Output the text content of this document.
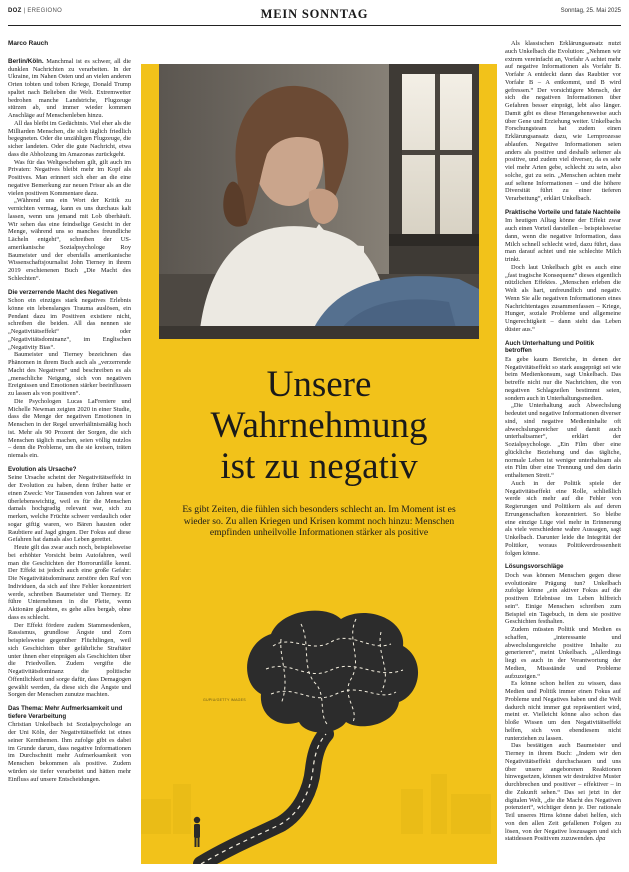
DOZ | EREGIONO	MEIN SONNTAG	Sonntag, 25. Mai 2025
Marco Rauch

Berlin/Köln. Manchmal ist es schwer, all die dunklen Nachrichten zu verarbeiten. In der Ukraine, im Nahen Osten und an vielen anderen Orten tobten und toben Kriege, Donald Trump spaltet nach Belieben die Welt. Extremwetter bedrohen manche Landstriche, Flugzeuge stürzen ab, und immer wieder kommen Anschläge auf Menschenleben hinzu.

All das bleibt im Gedächtnis. Viel eher als die Milliarden Menschen, die sich täglich friedlich begegneten. Oder die unzähligen Flugzeuge, die sicher landeten. Oder die gute Nachricht, etwa dass die Abholzung im Amazonas zurückgeht.

Was für das Weltgeschehen gilt, gilt auch im Privaten: Negatives bleibt mehr im Kopf als Positives. Man erinnert sich eher an die eine negative Bemerkung zur neuen Frisur als an die vielen positiven Kommentare dazu.

„Während uns ein Wort der Kritik zu vernichten vermag, kann es uns durchaus kalt lassen, wenn uns jemand mit Lob überhäuft. Wir sehen das eine feindselige Gesicht in der Menge, während uns so manches freundliche Lächeln entgeht“, schreiben der US-amerikanische Sozialpsychologe Roy Baumeister und der ebenfalls amerikanische Wissenschaftsjournalist John Tierney in ihrem 2019 erschienenen Buch „Die Macht des Schlechten“.

Die verzerrende Macht des Negativen

Schon ein einziges stark negatives Erlebnis könne ein lebenslanges Trauma auslösen, ein Pendant dazu im Positiven existiere nicht, schreiben die beiden. All das nennen sie „Negativitätseffekt“ oder „Negativitätsdominanz“, im Englischen „Negativity Bias“.

Baumeister und Tierney bezeichnen das Phänomen in ihrem Buch auch als „verzerrende Macht des Negativen“ und beschreiben es als „menschliche Neigung, sich von negativen Ereignissen und Emotionen stärker beeinflussen zu lassen als von positiven“.

Die Psychologen Lucas LaFreniere und Michelle Newman zeigten 2020 in einer Studie, dass die Menge der negativen Emotionen in Menschen in der Regel unverhältnismäßig hoch ist. Mehr als 90 Prozent der Sorgen, die sich Menschen täglich machen, seien völlig nutzlos – denn die Probleme, um die sie kreisen, träten niemals ein.

Evolution als Ursache?

Seine Ursache scheint der Negativitätseffekt in der Evolution zu haben, denn früher hatte er einen Zweck: Vor Tausenden von Jahren war er überlebenswichtig, weil es für die Menschen damals hochgradig relevant war, sich zu merken, welche Früchte schwer verdaulich oder sogar giftig waren, wo Bären hausten oder Raubtiere auf Jagd gingen. Der Fokus auf diese Gefahren hat damals also Leben gerettet.

Heute gilt das zwar auch noch, beispielsweise bei erhöhter Vorsicht beim Autofahren, weil man die Geschichten der Horrorunfälle kennt. Der Effekt ist jedoch auch eine große Gefahr: Die Negativitätsdominanz zerstöre den Ruf von Individuen, da sich auf ihre Fehler konzentriert werde, schreiben Baumeister und Tierney. Er führe Unternehmen in die Pleite, wenn Aktionäre glaubten, es gehe alles bergab, ohne dass es schlecht.

Der Effekt fördere zudem Stammesdenken, Rassismus, grundlose Ängste und Zorn beispielsweise gegenüber Flüchtlingen, weil sich Geschichten über gefährliche Straftäter unter ihnen eher einprägen als Geschichten über die Friedvollen. Zudem vergifte die Negativitätsdominanz die politische Öffentlichkeit und sorge dafür, dass Demagogen gewählt werden, da diese sich die Ängste und Sorgen der Menschen zunutze machten.

Das Thema: Mehr Aufmerksamkeit und tiefere Verarbeitung

Christian Unkelbach ist Sozialpsychologe an der Uni Köln, der Negativitätseffekt ist eines seiner Kernthemen. Ihm zufolge gibt es dabei im Grunde darum, dass negative Informationen im Durchschnitt mehr Aufmerksamkeit von Menschen bekommen als positive. Zudem würden sie tiefer verarbeitet und hätten mehr Einfluss auf unsere Entscheidungen.

Unsere
Wahrnehmung
ist zu negativ
Es gibt Zeiten, die fühlen sich besonders schlecht an. Im Moment ist es wieder so. Zu allen Kriegen und Krisen kommt noch hinzu: Menschen empfinden unheilvolle Informationen stärker als positive
GUPIU/GETTY IMAGES

Als klassischen Erklärungsansatz nutzt auch Unkelbach die Evolution: „Nehmen wir extrem vereinfacht an, Vorfahr A achtet mehr auf negative Informationen als Vorfahr B. Vorfahr A entdeckt dann das Raubtier vor Vorfahr B – A entkommt, und B wird gefressen.“ Der vorsichtigere Mensch, der sich die negativen Informationen über Gefahren besser einprägt, lebt also länger. Damit gibt es diese Herangehensweise auch über Gene und Erziehung weiter. Unkelbachs Forschungsteam hat zudem einen Erklärungsansatz dazu, wie Lernprozesse ablaufen. Negative Informationen seien anders als positive und deshalb seltener als positive, und zudem viel diverser, da es sehr viel mehr Arten gebe, schlecht zu sein, also solche, gut zu sein. „Menschen achten mehr auf seltene Informationen – und die höhere Diversität führt zu einer tieferen Verarbeitung“, erklärt Unkelbach.

Praktische Vorteile und fatale Nachteile

Im heutigen Alltag könne der Effekt zwar auch einen Vorteil darstellen – beispielsweise dann, wenn die negative Information, dass Milch schnell schlecht wird, dazu führt, dass man darauf achtet und nie schlechte Milch trinkt.

Doch laut Unkelbach gibt es auch eine „fast tragische Konsequenz“ dieses eigentlich nützlichen Effektes. „Menschen erleben die Welt als hart, unfreundlich und negativ. Wenn Sie alle negativen Informationen eines Nachrichtentages zusammenfassen – Kriege, Hunger, soziale Probleme und allgemeine Ungerechtigkeit – dann sieht das Leben düster aus.“

Auch Unterhaltung und Politik betroffen

Es gebe kaum Bereiche, in denen der Negativitätseffekt so stark ausgeprägt sei wie beim Medienkonsum, sagt Unkelbach. Das betreffe nicht nur die Nachrichten, die von negativen Schlagzeilen bestimmt seien, sondern auch in Unterhaltungsmedien.

„Die Unterhaltung auch Abwechslung bedeutet und negative Informationen diverser sind, sind negative Medieninhalte oft abwechslungsreicher und damit auch unterhaltsamer“, erklärt der Sozialpsychologe. „Ein Film über eine glückliche Beziehung und das tägliche, normale Leben ist weniger unterhaltsam als ein Film über eine Trennung und den darin enthaltenen Streit.“

Auch in der Politik spiele der Negativitätseffekt eine Rolle, schließlich werde sich mehr auf die Fehler von Regierungen und Politikern als auf deren Errungenschaften konzentriert. So bleibe eine einzige Lüge viel mehr in Erinnerung als viele verschiedene wahre Aussagen, sagt Unkelbach. Darunter leide die Integrität der Politiker, woraus Politikverdrossenheit folgen könne.

Lösungsvorschläge

Doch was können Menschen gegen diese evolutionäre Prägung tun? Unkelbach zufolge könne „ein aktiver Fokus auf die positiven Erlebnisse im Leben hilfreich sein“. Einige Menschen schreiben zum Beispiel ein Tagebuch, in dem sie positive Geschichten festhalten.

Zudem müssten Politik und Medien es schaffen, „interessante und abwechslungsreiche positive Inhalte zu generieren“, meint Unkelbach. „Allerdings liegt es auch in der Verantwortung der Medien, Missstände und Probleme aufzuzeigen.“

Es könne schon helfen zu wissen, dass Medien und Politik immer einen Fokus auf Probleme und Negatives haben und die Welt dadurch nicht immer gut repräsentiert wird, meint er. Vielleicht könne also schon das bloße Wissen um den Negativitätseffekt helfen, sich von ebendiesem nicht runterziehen zu lassen.

Das bestätigen auch Baumeister und Tierney in ihrem Buch: „Indem wir den Negativitätseffekt durchschauen und uns über unsere angeborenen Reaktionen hinwegsetzen, können wir destruktive Muster durchbrechen und positiver – effektiver – in die Zukunft sehen.“ Das sei jetzt in der digitalen Welt, „die die Macht des Negativen potenziert“, wichtiger denn je. Der rationale Teil unseres Hirns könne dabei helfen, sich von den allen Zeit gefallenen Folgen zu lösen, von der Negative loszusagen und sich stattdessen Positivem zuzuwenden. dpa
